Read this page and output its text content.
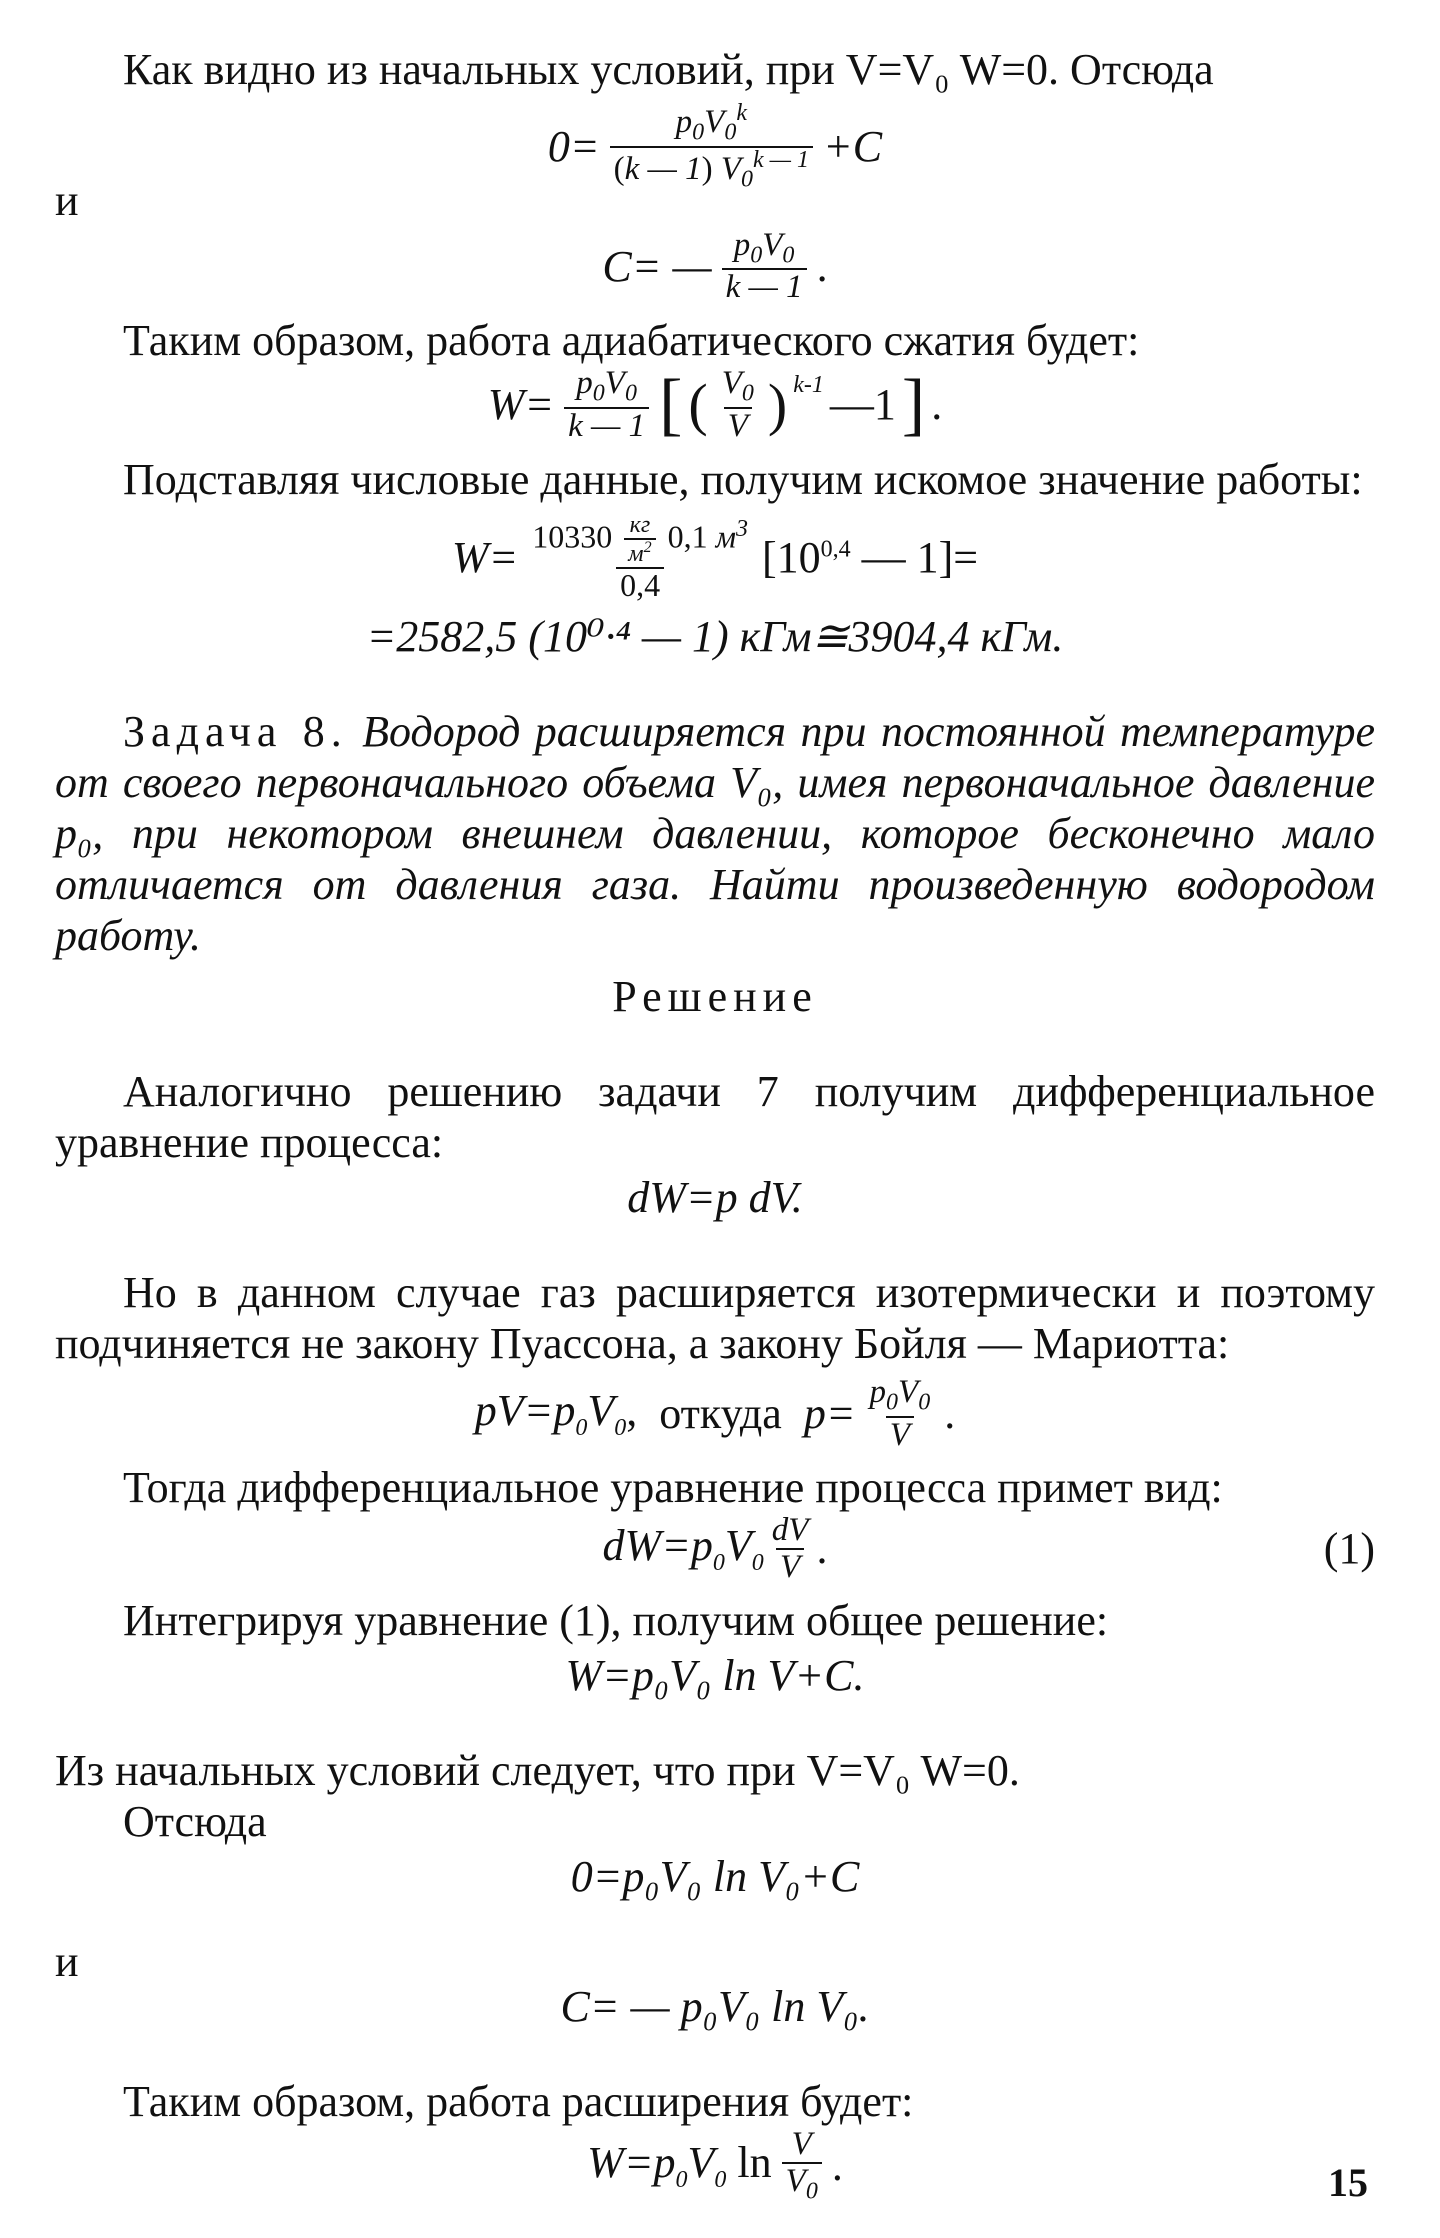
Как видно из начальных условий, при V=V₀ W=0. Отсюда

$0= \frac{p_0V_0^k}{(k — 1) V_0^{k — 1}} +C$

и

C= — $\frac{p_0V_0}{k — 1}$ .

Таким образом, работа адиабатического сжатия будет:

$W= \frac{p_0V_0}{k — 1}$ [ ( $\frac{V_0}{V}$ ) $^{k-1}$ —1 ] .

Подставляя числовые данные, получим искомое значение работы:

$W= \frac{10330 \frac{кг}{м^2} 0,1 м^3}{0,4} [10^{0,4}$ — 1]=

=2582,5 (10⁰·⁴ — 1) кГм≅3904,4 кГм.

Задача 8. Водород расширяется при постоянной температуре от своего первоначального объема V₀, имея первоначальное давление p₀, при некотором внешнем давлении, которое бесконечно мало отличается от давления газа. Найти произведенную водородом работу.

Решение

Аналогично решению задачи 7 получим дифференциальное уравнение процесса:

dW=p dV.

Но в данном случае газ расширяется изотермически и поэтому подчиняется не закону Пуассона, а закону Бойля — Мариотта:

$pV=p_0V_0$, откуда $p= \frac{p_0V_0}{V}$ .

Тогда дифференциальное уравнение процесса примет вид:

$dW=p_0V_0 \frac{dV}{V}$ .	(1)

Интегрируя уравнение (1), получим общее решение:

W=p₀V₀ ln V+C.

Из начальных условий следует, что при V=V₀ W=0.

Отсюда

0=p₀V₀ ln V₀+C

и

C= — p₀V₀ ln V₀.

Таким образом, работа расширения будет:

$W=p_0V_0$ $\ln \frac{V}{V_0}$ .	15
